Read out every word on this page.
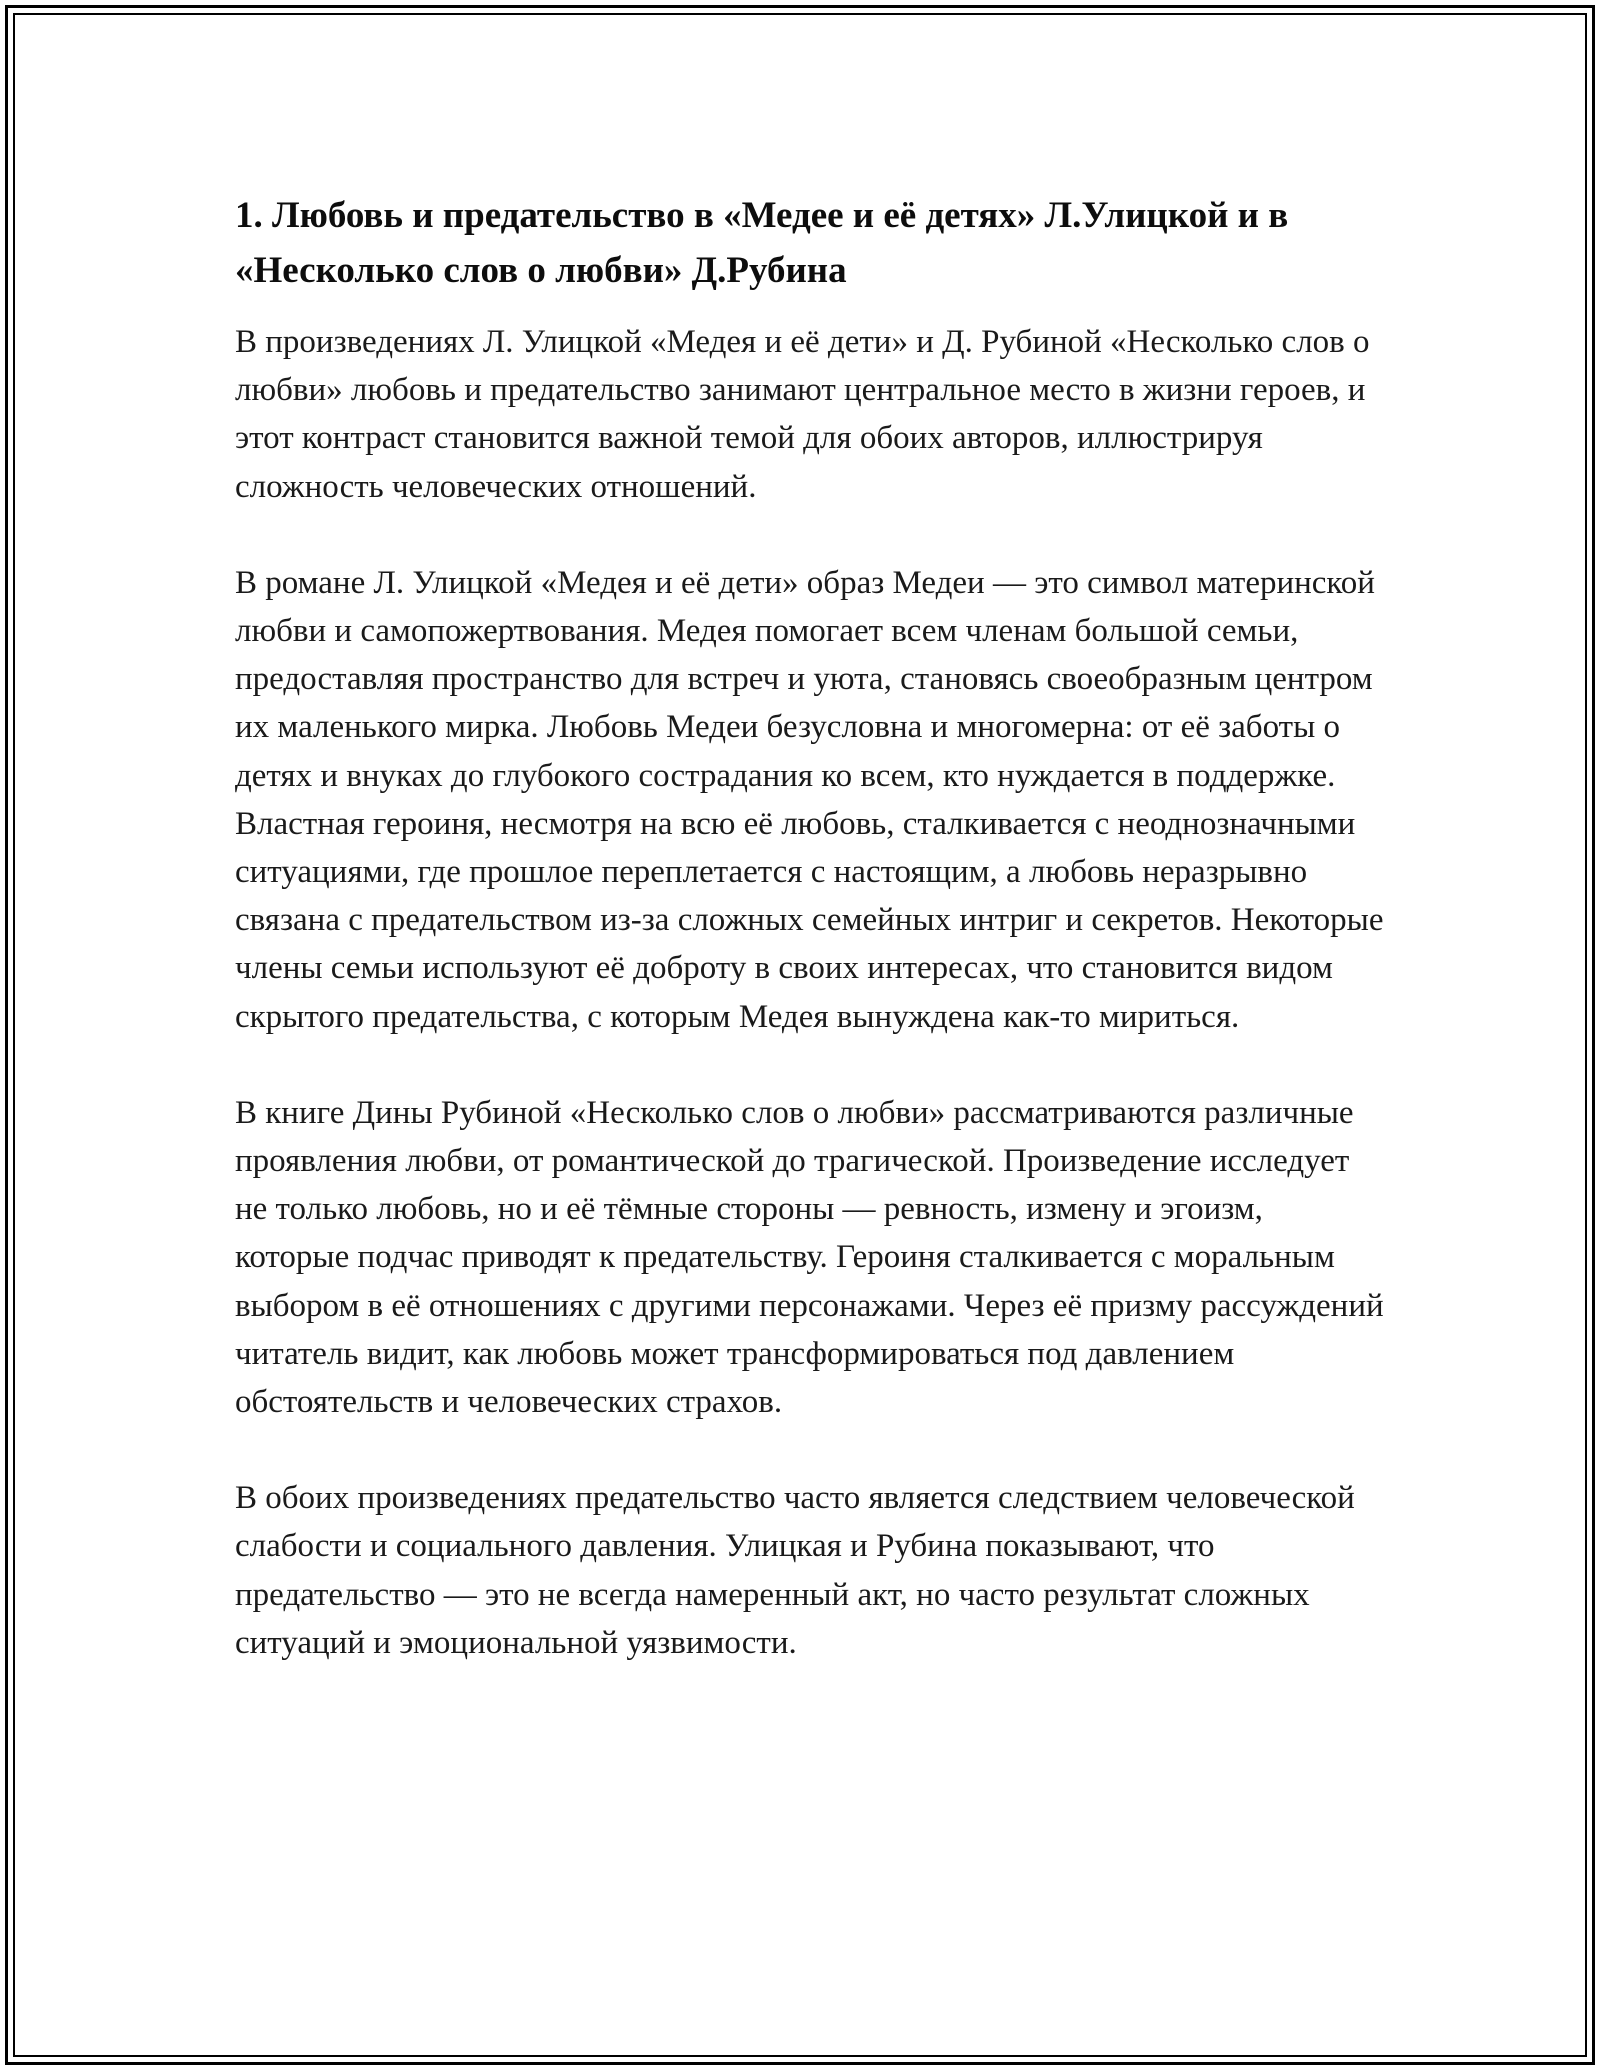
1. Любовь и предательство в «Медее и её детях» Л.Улицкой и в «Несколько слов о любви» Д.Рубина

В произведениях Л. Улицкой «Медея и её дети» и Д. Рубиной «Несколько слов о любви» любовь и предательство занимают центральное место в жизни героев, и этот контраст становится важной темой для обоих авторов, иллюстрируя сложность человеческих отношений.

В романе Л. Улицкой «Медея и её дети» образ Медеи — это символ материнской любви и самопожертвования. Медея помогает всем членам большой семьи, предоставляя пространство для встреч и уюта, становясь своеобразным центром их маленького мирка. Любовь Медеи безусловна и многомерна: от её заботы о детях и внуках до глубокого сострадания ко всем, кто нуждается в поддержке. Властная героиня, несмотря на всю её любовь, сталкивается с неоднозначными ситуациями, где прошлое переплетается с настоящим, а любовь неразрывно связана с предательством из-за сложных семейных интриг и секретов. Некоторые члены семьи используют её доброту в своих интересах, что становится видом скрытого предательства, с которым Медея вынуждена как-то мириться.

В книге Дины Рубиной «Несколько слов о любви» рассматриваются различные проявления любви, от романтической до трагической. Произведение исследует не только любовь, но и её тёмные стороны — ревность, измену и эгоизм, которые подчас приводят к предательству. Героиня сталкивается с моральным выбором в её отношениях с другими персонажами. Через её призму рассуждений читатель видит, как любовь может трансформироваться под давлением обстоятельств и человеческих страхов.

В обоих произведениях предательство часто является следствием человеческой слабости и социального давления. Улицкая и Рубина показывают, что предательство — это не всегда намеренный акт, но часто результат сложных ситуаций и эмоциональной уязвимости.
